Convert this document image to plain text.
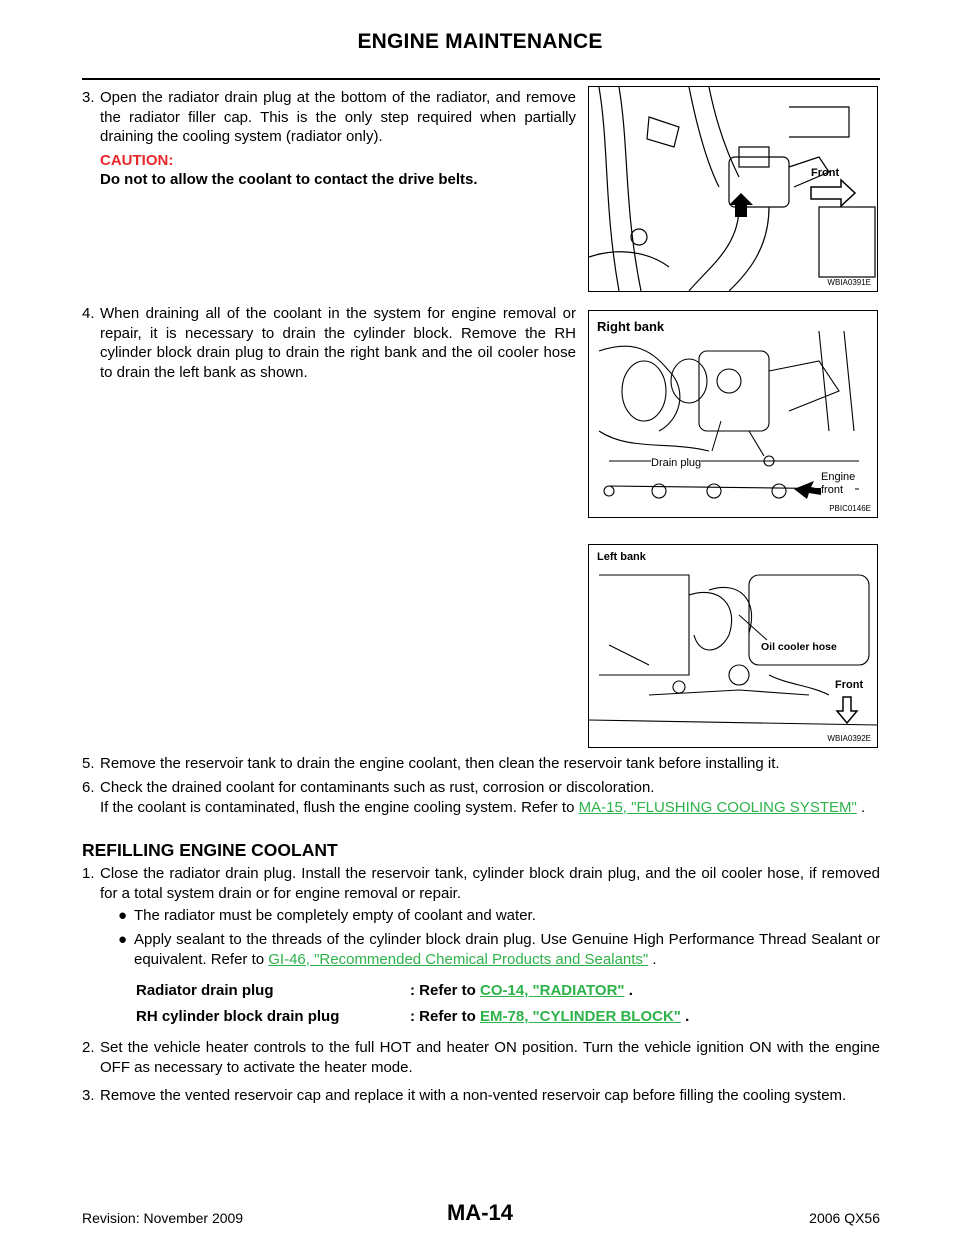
ENGINE MAINTENANCE
3. Open the radiator drain plug at the bottom of the radiator, and remove the radiator filler cap. This is the only step required when partially draining the cooling system (radiator only).
CAUTION:
Do not to allow the coolant to contact the drive belts.	Front
WBIA0391E
4. When draining all of the coolant in the system for engine removal or repair, it is necessary to drain the cylinder block. Remove the RH cylinder block drain plug to drain the right bank and the oil cooler hose to drain the left bank as shown.
Right bank
Drain plug
Engine
front
PBIC0146E
Left bank
Oil cooler hose
Front
WBIA0392E
5. Remove the reservoir tank to drain the engine coolant, then clean the reservoir tank before installing it.
6. Check the drained coolant for contaminants such as rust, corrosion or discoloration.
If the coolant is contaminated, flush the engine cooling system. Refer to MA-15, "FLUSHING COOLING SYSTEM" .
REFILLING ENGINE COOLANT
1. Close the radiator drain plug. Install the reservoir tank, cylinder block drain plug, and the oil cooler hose, if removed for a total system drain or for engine removal or repair.
● The radiator must be completely empty of coolant and water.
● Apply sealant to the threads of the cylinder block drain plug. Use Genuine High Performance Thread Sealant or equivalent. Refer to GI-46, "Recommended Chemical Products and Sealants" .
Radiator drain plug	: Refer to CO-14, "RADIATOR" .
RH cylinder block drain plug	: Refer to EM-78, "CYLINDER BLOCK" .
2. Set the vehicle heater controls to the full HOT and heater ON position. Turn the vehicle ignition ON with the engine OFF as necessary to activate the heater mode.
3. Remove the vented reservoir cap and replace it with a non-vented reservoir cap before filling the cooling system.
Revision: November 2009	MA-14	2006 QX56
